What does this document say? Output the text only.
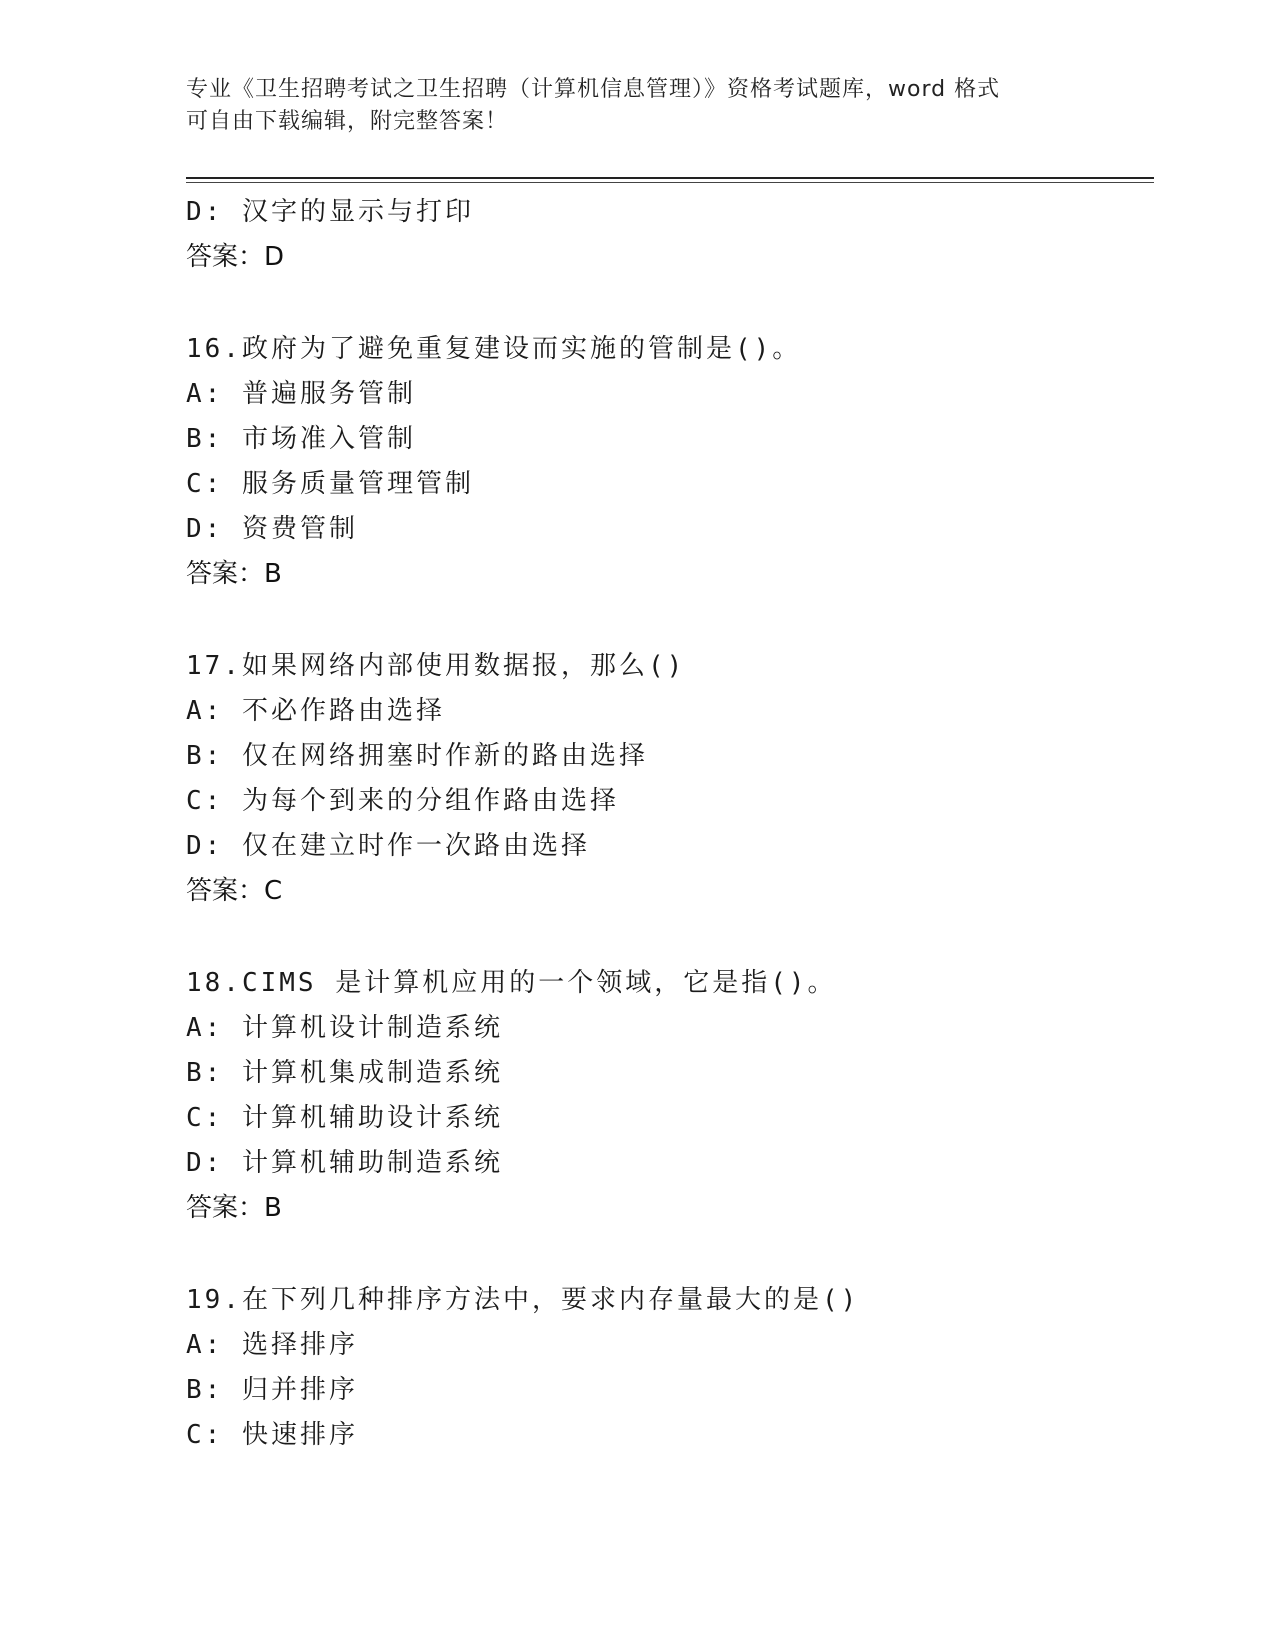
专业《卫生招聘考试之卫生招聘（计算机信息管理）》资格考试题库，word 格式
可自由下载编辑，附完整答案！
D: 汉字的显示与打印
答案：D
16.政府为了避免重复建设而实施的管制是()。
A: 普遍服务管制
B: 市场准入管制
C: 服务质量管理管制
D: 资费管制
答案：B
17.如果网络内部使用数据报，那么()
A: 不必作路由选择
B: 仅在网络拥塞时作新的路由选择
C: 为每个到来的分组作路由选择
D: 仅在建立时作一次路由选择
答案：C
18.CIMS 是计算机应用的一个领域，它是指()。
A: 计算机设计制造系统
B: 计算机集成制造系统
C: 计算机辅助设计系统
D: 计算机辅助制造系统
答案：B
19.在下列几种排序方法中，要求内存量最大的是()
A: 选择排序
B: 归并排序
C: 快速排序
